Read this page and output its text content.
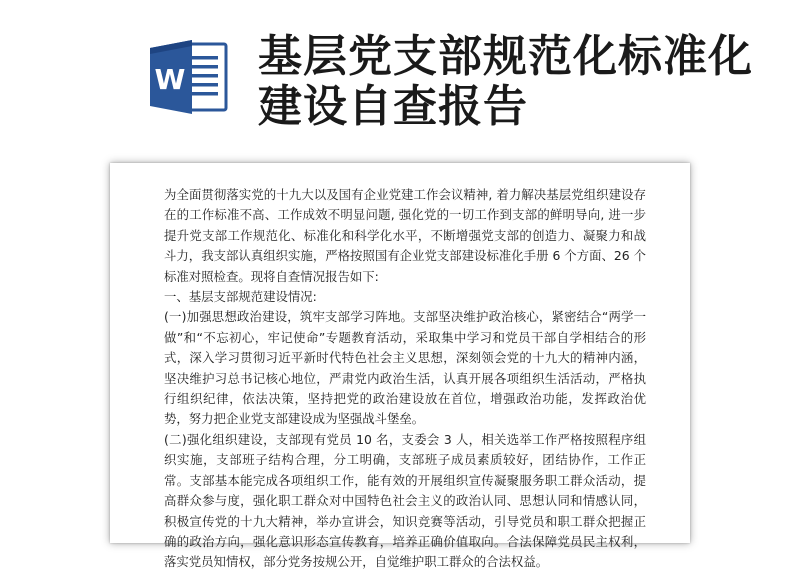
W 基层党支部规范化标准化建设自查报告

为全面贯彻落实党的十九大以及国有企业党建工作会议精神, 着力解决基层党组织建设存在的工作标准不高、工作成效不明显问题, 强化党的一切工作到支部的鲜明导向, 进一步提升党支部工作规范化、标准化和科学化水平，不断增强党支部的创造力、凝聚力和战斗力，我支部认真组织实施，严格按照国有企业党支部建设标准化手册 6 个方面、26 个标准对照检查。现将自查情况报告如下:

一、基层支部规范建设情况:

(一)加强思想政治建设，筑牢支部学习阵地。支部坚决维护政治核心，紧密结合“两学一做”和“不忘初心，牢记使命”专题教育活动，采取集中学习和党员干部自学相结合的形式，深入学习贯彻习近平新时代特色社会主义思想，深刻领会党的十九大的精神内涵，坚决维护习总书记核心地位，严肃党内政治生活，认真开展各项组织生活活动，严格执行组织纪律，依法决策，坚持把党的政治建设放在首位，增强政治功能，发挥政治优势，努力把企业党支部建设成为坚强战斗堡垒。

(二)强化组织建设，支部现有党员 10 名，支委会 3 人，相关选举工作严格按照程序组织实施，支部班子结构合理，分工明确，支部班子成员素质较好，团结协作，工作正常。支部基本能完成各项组织工作，能有效的开展组织宣传凝聚服务职工群众活动，提高群众参与度，强化职工群众对中国特色社会主义的政治认同、思想认同和情感认同，积极宣传党的十九大精神，举办宣讲会，知识竞赛等活动，引导党员和职工群众把握正确的政治方向，强化意识形态宣传教育，培养正确价值取向。合法保障党员民主权利，落实党员知情权，部分党务按规公开，自觉维护职工群众的合法权益。
